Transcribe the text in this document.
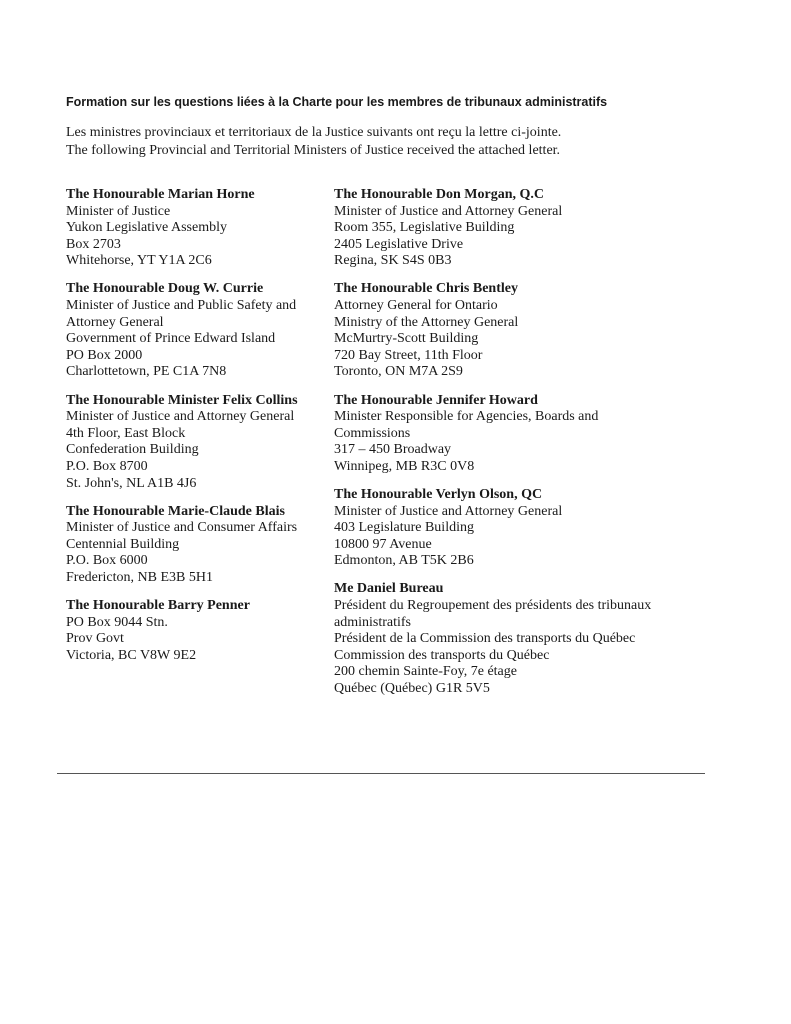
Formation sur les questions liées à la Charte pour les membres de tribunaux administratifs

Les ministres provinciaux et territoriaux de la Justice suivants ont reçu la lettre ci-jointe.

The following Provincial and Territorial Ministers of Justice received the attached letter.

The Honourable Marian Horne
Minister of Justice
Yukon Legislative Assembly
Box 2703
Whitehorse, YT Y1A 2C6
The Honourable Doug W. Currie
Minister of Justice and Public Safety and
Attorney General
Government of Prince Edward Island
PO Box 2000
Charlottetown, PE C1A 7N8
The Honourable Minister Felix Collins
Minister of Justice and Attorney General
4th Floor, East Block
Confederation Building
P.O. Box 8700
St. John's, NL A1B 4J6
The Honourable Marie-Claude Blais
Minister of Justice and Consumer Affairs
Centennial Building
P.O. Box 6000
Fredericton, NB E3B 5H1
The Honourable Barry Penner
PO Box 9044 Stn.
Prov Govt
Victoria, BC V8W 9E2
The Honourable Don Morgan, Q.C
Minister of Justice and Attorney General
Room 355, Legislative Building
2405 Legislative Drive
Regina, SK S4S 0B3
The Honourable Chris Bentley
Attorney General for Ontario
Ministry of the Attorney General
McMurtry-Scott Building
720 Bay Street, 11th Floor
Toronto, ON M7A 2S9
The Honourable Jennifer Howard
Minister Responsible for Agencies, Boards and
Commissions
317 – 450 Broadway
Winnipeg, MB R3C 0V8
The Honourable Verlyn Olson, QC
Minister of Justice and Attorney General
403 Legislature Building
10800 97 Avenue
Edmonton, AB T5K 2B6
Me Daniel Bureau
Président du Regroupement des présidents des tribunaux
administratifs
Président de la Commission des transports du Québec
Commission des transports du Québec
200 chemin Sainte-Foy, 7e étage
Québec (Québec) G1R 5V5
